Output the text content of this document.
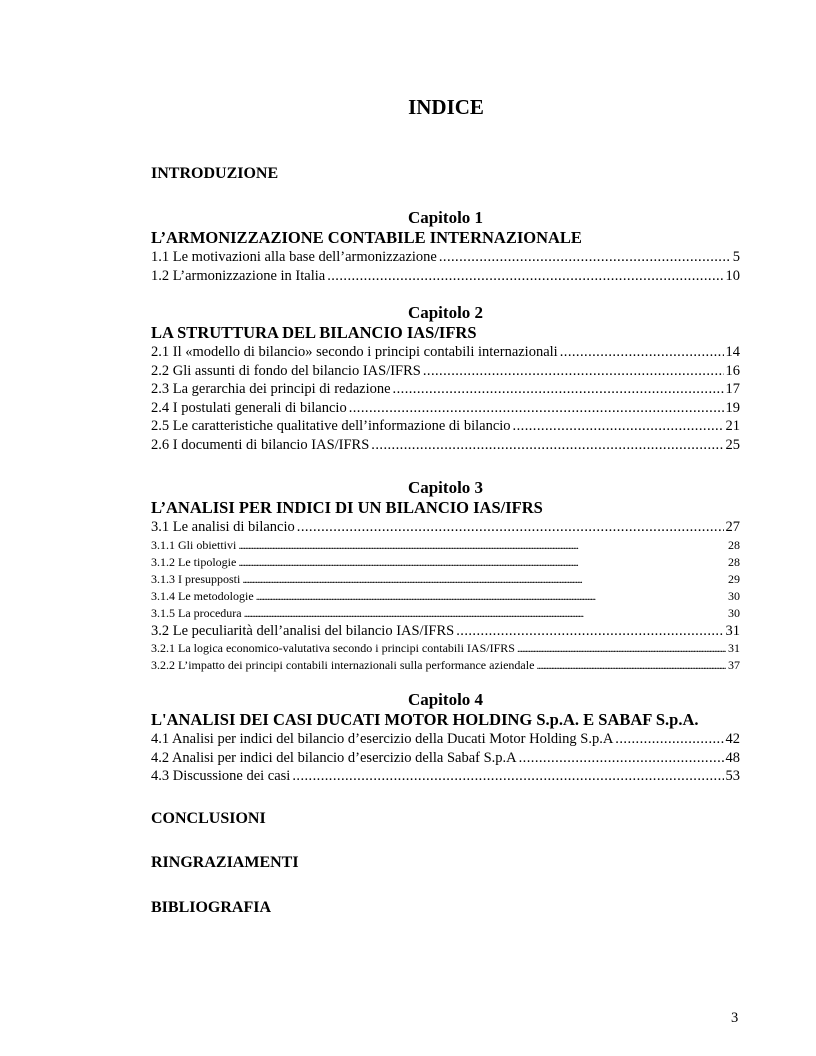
INDICE
INTRODUZIONE
Capitolo 1
L’ARMONIZZAZIONE CONTABILE INTERNAZIONALE
1.1 Le motivazioni alla base dell’armonizzazione . . .	5
1.2 L’armonizzazione in Italia . . .	10
Capitolo 2
LA STRUTTURA DEL BILANCIO IAS/IFRS
2.1 Il «modello di bilancio» secondo i principi contabili internazionali . . .	14
2.2 Gli assunti di fondo del bilancio IAS/IFRS . . .	16
2.3 La gerarchia dei principi di redazione . . .	17
2.4 I postulati generali di bilancio . . .	19
2.5 Le caratteristiche qualitative dell’informazione di bilancio . . .	21
2.6 I documenti di bilancio IAS/IFRS . . .	25
Capitolo 3
L’ANALISI PER INDICI DI UN BILANCIO IAS/IFRS
3.1 Le analisi di bilancio . . .	27
3.1.1 Gli obiettivi . . .	28
3.1.2 Le tipologie . . .	28
3.1.3 I presupposti . . .	29
3.1.4 Le metodologie . . .	30
3.1.5 La procedura . . .	30
3.2 Le peculiarità dell’analisi del bilancio IAS/IFRS . . .	31
3.2.1 La logica economico-valutativa secondo i principi contabili IAS/IFRS . . .	31
3.2.2 L’impatto dei principi contabili internazionali sulla performance aziendale . . .	37
Capitolo 4
L'ANALISI DEI CASI DUCATI MOTOR HOLDING S.p.A. E SABAF S.p.A.
4.1 Analisi per indici del bilancio d’esercizio della Ducati Motor Holding S.p.A . . .	42
4.2 Analisi per indici del bilancio d’esercizio della Sabaf S.p.A . . .	48
4.3 Discussione dei casi . . .	53
CONCLUSIONI
RINGRAZIAMENTI
BIBLIOGRAFIA
3
